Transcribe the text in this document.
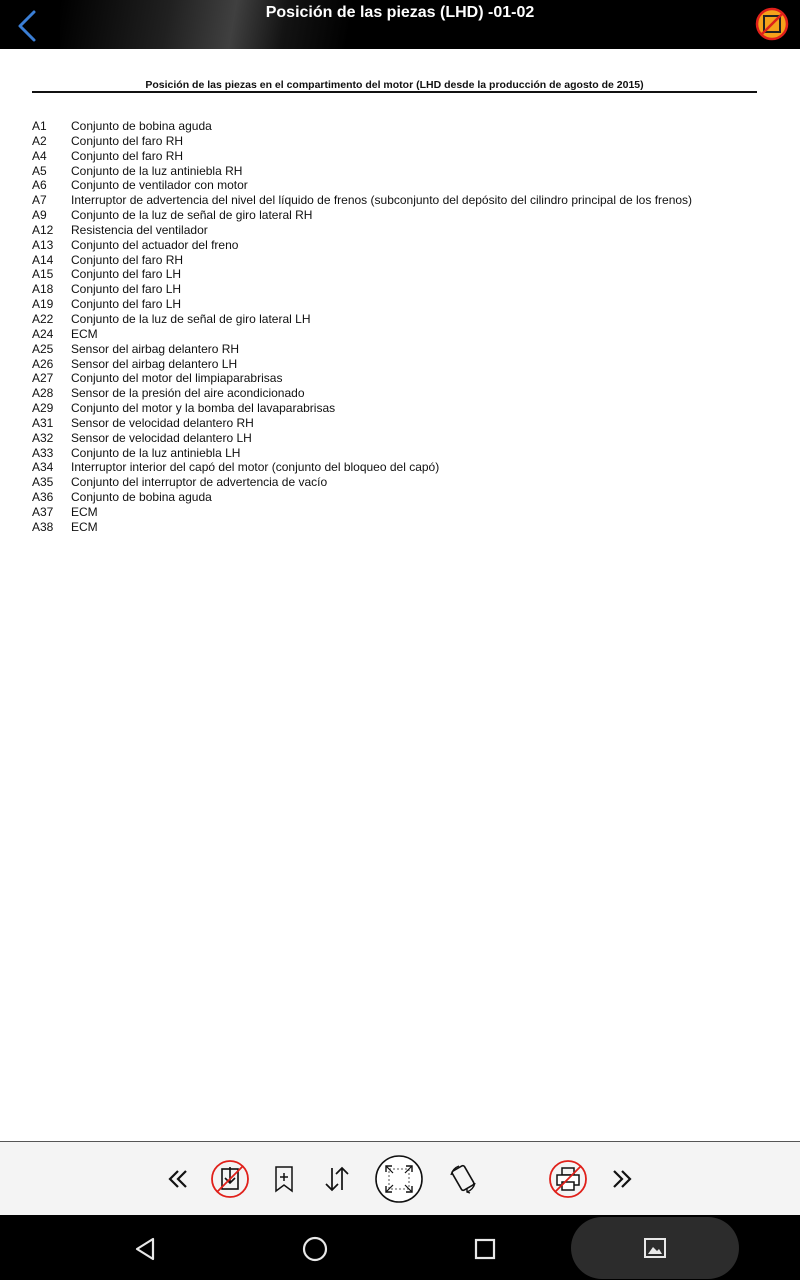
Posición de las piezas (LHD) -01-02
Posición de las piezas en el compartimento del motor (LHD desde la producción de agosto de 2015)
A1	Conjunto de bobina aguda
A2	Conjunto del faro RH
A4	Conjunto del faro RH
A5	Conjunto de la luz antiniebla RH
A6	Conjunto de ventilador con motor
A7	Interruptor de advertencia del nivel del líquido de frenos (subconjunto del depósito del cilindro principal de los frenos)
A9	Conjunto de la luz de señal de giro lateral RH
A12	Resistencia del ventilador
A13	Conjunto del actuador del freno
A14	Conjunto del faro RH
A15	Conjunto del faro LH
A18	Conjunto del faro LH
A19	Conjunto del faro LH
A22	Conjunto de la luz de señal de giro lateral LH
A24	ECM
A25	Sensor del airbag delantero RH
A26	Sensor del airbag delantero LH
A27	Conjunto del motor del limpiaparabrisas
A28	Sensor de la presión del aire acondicionado
A29	Conjunto del motor y la bomba del lavaparabrisas
A31	Sensor de velocidad delantero RH
A32	Sensor de velocidad delantero LH
A33	Conjunto de la luz antiniebla LH
A34	Interruptor interior del capó del motor (conjunto del bloqueo del capó)
A35	Conjunto del interruptor de advertencia de vacío
A36	Conjunto de bobina aguda
A37	ECM
A38	ECM
